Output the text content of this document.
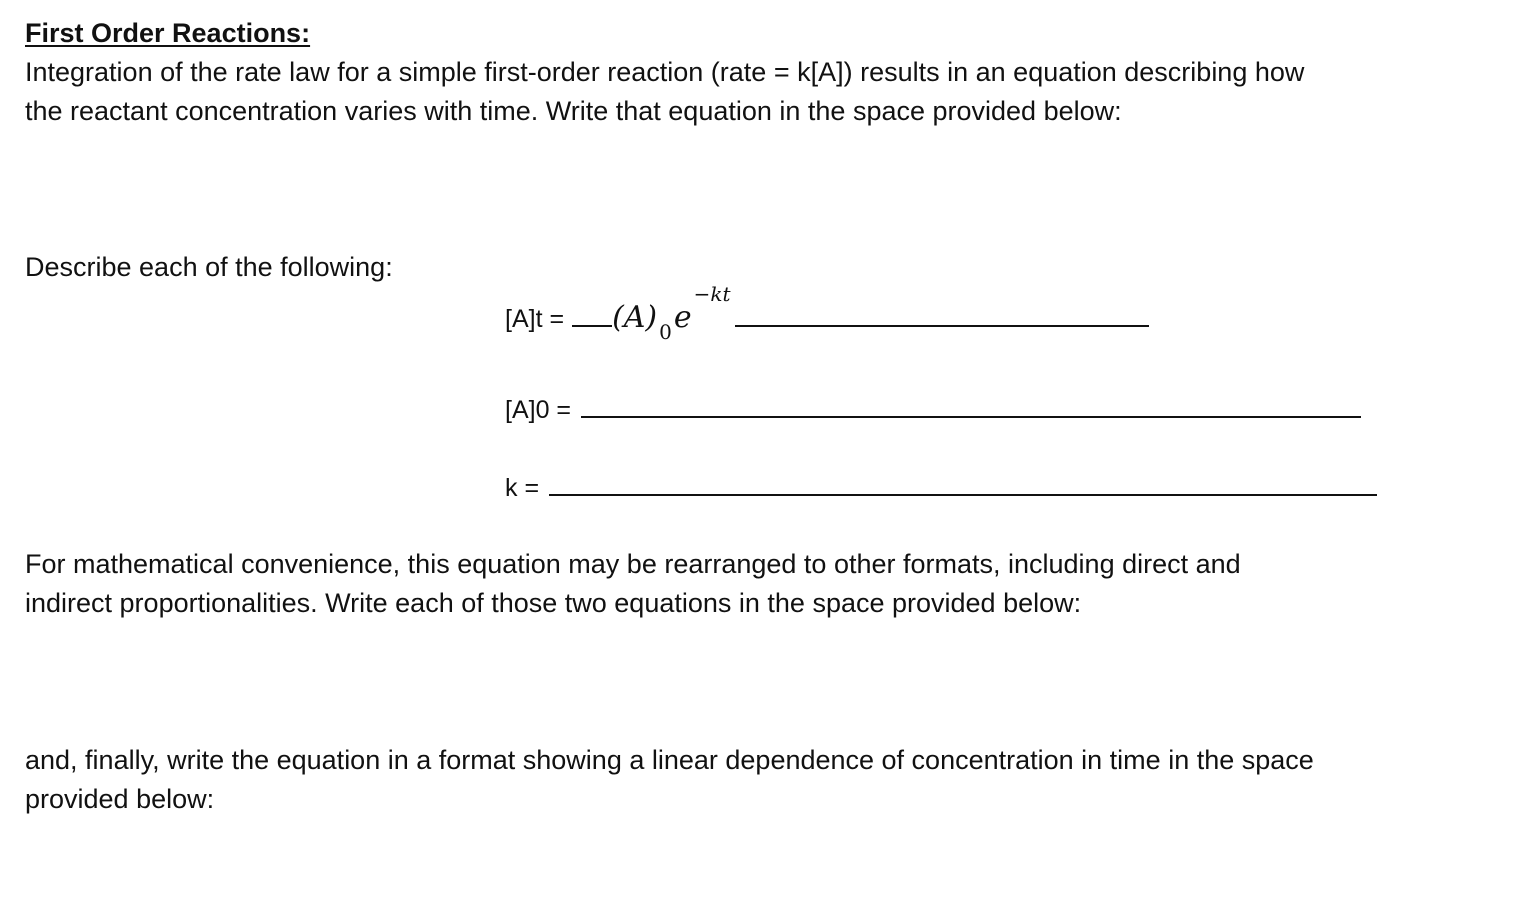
First Order Reactions:

Integration of the rate law for a simple first-order reaction (rate = k[A]) results in an equation describing how
the reactant concentration varies with time. Write that equation in the space provided below:

Describe each of the following:

[A]t = (A) 0 e
−kt
[A]0 =
k =

For mathematical convenience, this equation may be rearranged to other formats, including direct and
indirect proportionalities. Write each of those two equations in the space provided below:

and, finally, write the equation in a format showing a linear dependence of concentration in time in the space
provided below:
